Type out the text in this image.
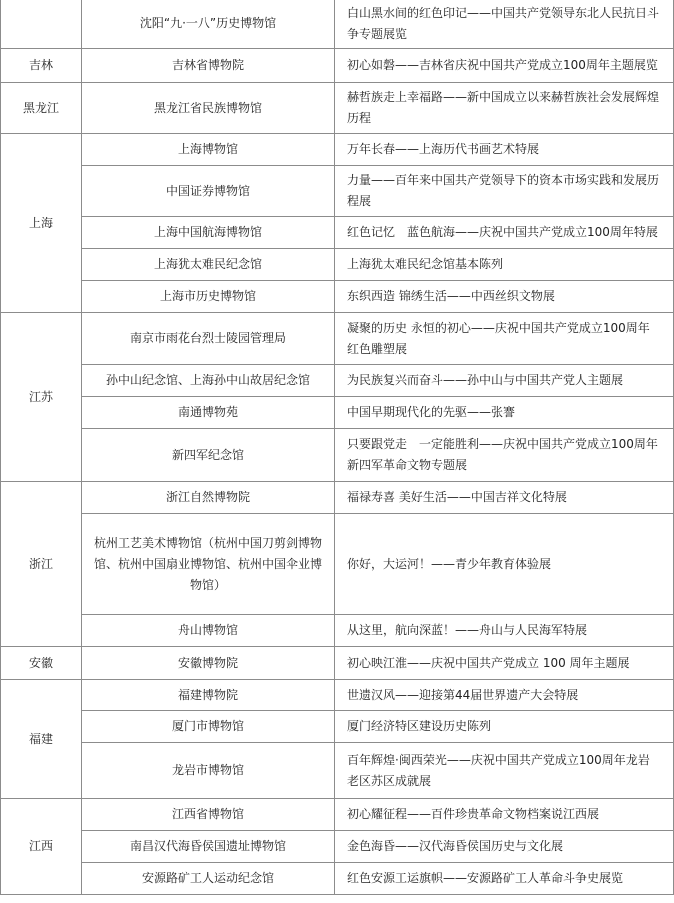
	沈阳“九·一八”历史博物馆	白山黑水间的红色印记——中国共产党领导东北人民抗日斗争专题展览
吉林	吉林省博物院	初心如磐——吉林省庆祝中国共产党成立100周年主题展览
黑龙江	黑龙江省民族博物馆	赫哲族走上幸福路——新中国成立以来赫哲族社会发展辉煌历程
上海	上海博物馆	万年长春——上海历代书画艺术特展
	中国证券博物馆	力量——百年来中国共产党领导下的资本市场实践和发展历程展
	上海中国航海博物馆	红色记忆　蓝色航海——庆祝中国共产党成立100周年特展
	上海犹太难民纪念馆	上海犹太难民纪念馆基本陈列
	上海市历史博物馆	东织西造 锦绣生活——中西丝织文物展
江苏	南京市雨花台烈士陵园管理局	凝聚的历史 永恒的初心——庆祝中国共产党成立100周年红色雕塑展
	孙中山纪念馆、上海孙中山故居纪念馆	为民族复兴而奋斗——孙中山与中国共产党人主题展
	南通博物苑	中国早期现代化的先驱——张謇
	新四军纪念馆	只要跟党走　一定能胜利——庆祝中国共产党成立100周年新四军革命文物专题展
浙江	浙江自然博物院	福禄寿喜 美好生活——中国吉祥文化特展
	杭州工艺美术博物馆（杭州中国刀剪剑博物馆、杭州中国扇业博物馆、杭州中国伞业博物馆）	你好，大运河！——青少年教育体验展
	舟山博物馆	从这里，航向深蓝！——舟山与人民海军特展
安徽	安徽博物院	初心映江淮——庆祝中国共产党成立 100 周年主题展
福建	福建博物院	世遗汉风——迎接第44届世界遗产大会特展
	厦门市博物馆	厦门经济特区建设历史陈列
	龙岩市博物馆	百年辉煌·闽西荣光——庆祝中国共产党成立100周年龙岩老区苏区成就展
江西	江西省博物馆	初心耀征程——百件珍贵革命文物档案说江西展
	南昌汉代海昏侯国遗址博物馆	金色海昏——汉代海昏侯国历史与文化展
	安源路矿工人运动纪念馆	红色安源工运旗帜——安源路矿工人革命斗争史展览
